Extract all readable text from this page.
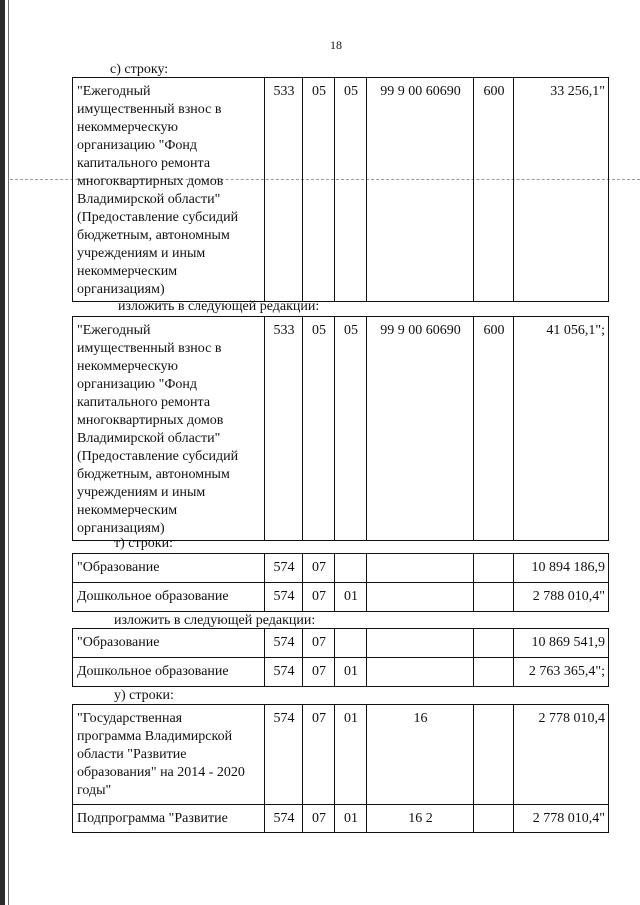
18
с) строку:
"Ежегодный
имущественный взнос в
некоммерческую
организацию "Фонд
капитального ремонта
многоквартирных домов
Владимирской области"
(Предоставление субсидий
бюджетным, автономным
учреждениям и иным
некоммерческим
организациям)	533	05	05	99 9 00 60690	600	33 256,1"
изложить в следующей редакции:
"Ежегодный
имущественный взнос в
некоммерческую
организацию "Фонд
капитального ремонта
многоквартирных домов
Владимирской области"
(Предоставление субсидий
бюджетным, автономным
учреждениям и иным
некоммерческим
организациям)	533	05	05	99 9 00 60690	600	41 056,1";
т) строки:
"Образование	574	07				10 894 186,9
Дошкольное образование	574	07	01			2 788 010,4"
изложить в следующей редакции:
"Образование	574	07				10 869 541,9
Дошкольное образование	574	07	01			2 763 365,4";
у) строки:
"Государственная
программа Владимирской
области "Развитие
образования" на 2014 - 2020
годы"	574	07	01	16		2 778 010,4
Подпрограмма "Развитие	574	07	01	16 2		2 778 010,4"
